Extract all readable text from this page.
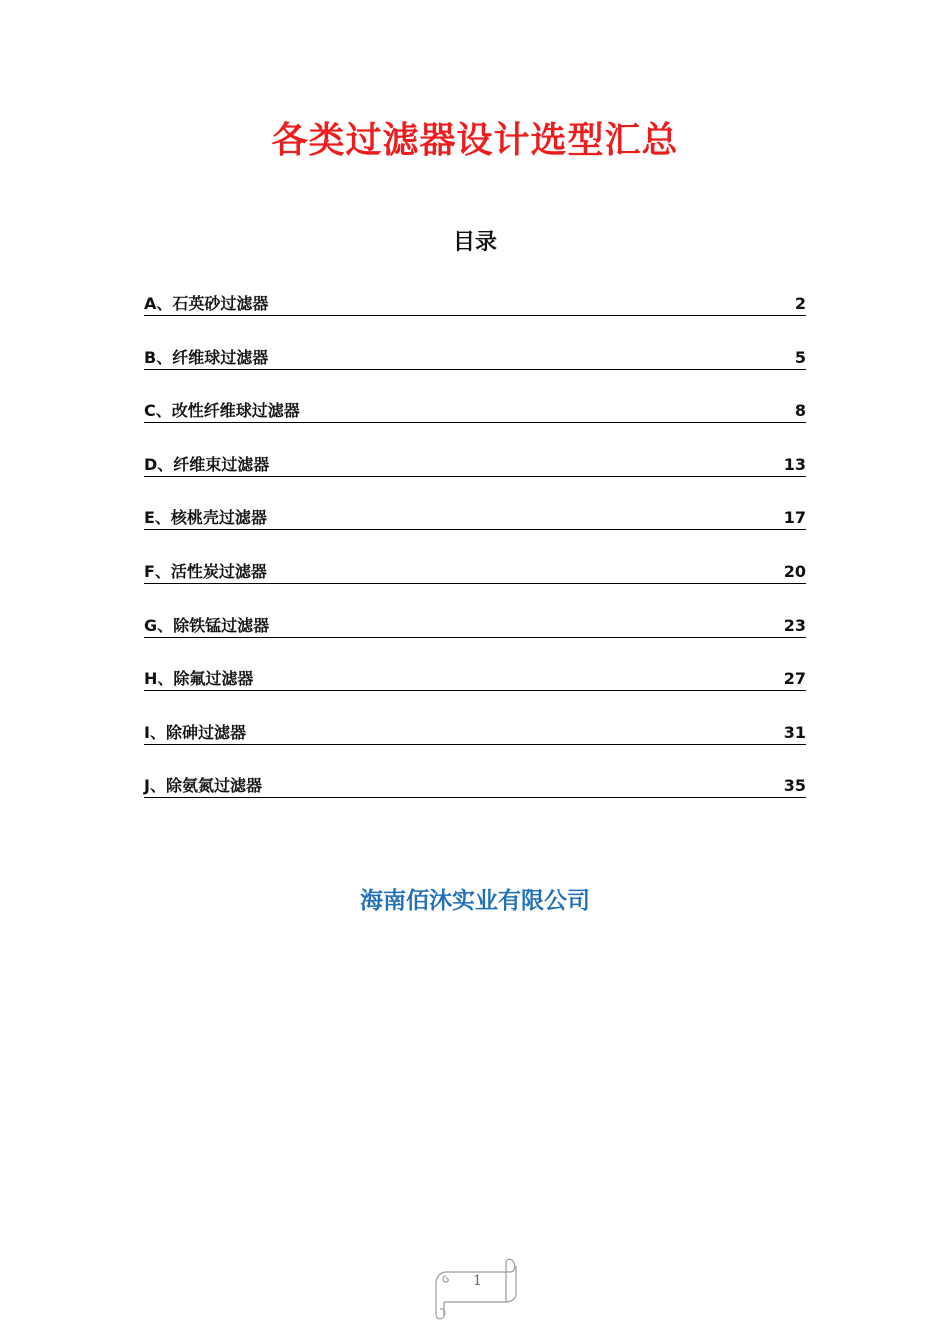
各类过滤器设计选型汇总
目录
A、石英砂过滤器	2
B、纤维球过滤器	5
C、改性纤维球过滤器	8
D、纤维束过滤器	13
E、核桃壳过滤器	17
F、活性炭过滤器	20
G、除铁锰过滤器	23
H、除氟过滤器	27
I、除砷过滤器	31
J、除氨氮过滤器	35
海南佰沐实业有限公司
1
